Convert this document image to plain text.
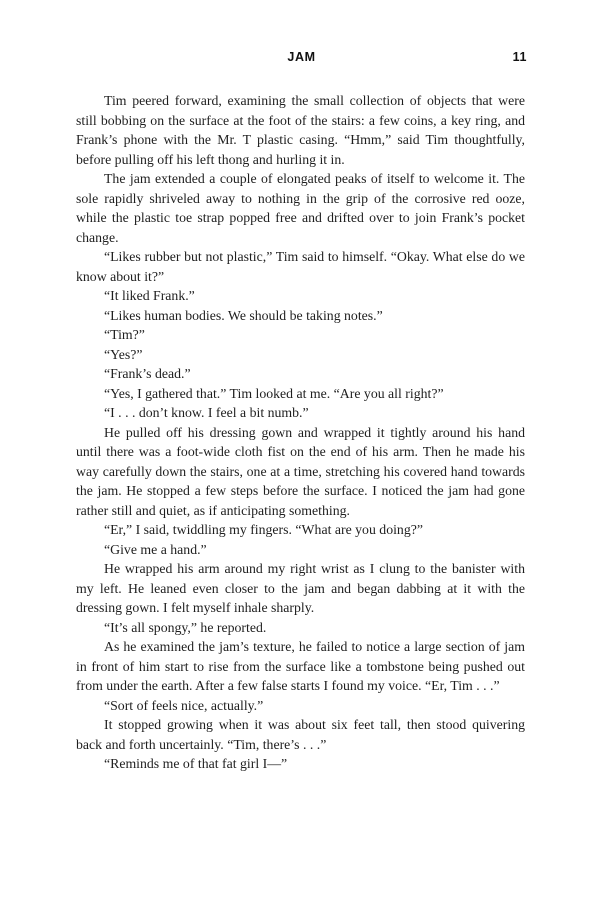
JAM	11

Tim peered forward, examining the small collection of objects that were still bobbing on the surface at the foot of the stairs: a few coins, a key ring, and Frank’s phone with the Mr. T plastic casing. “Hmm,” said Tim thoughtfully, before pulling off his left thong and hurling it in.

The jam extended a couple of elongated peaks of itself to welcome it. The sole rapidly shriveled away to nothing in the grip of the corrosive red ooze, while the plastic toe strap popped free and drifted over to join Frank’s pocket change.

“Likes rubber but not plastic,” Tim said to himself. “Okay. What else do we know about it?”

“It liked Frank.”

“Likes human bodies. We should be taking notes.”

“Tim?”

“Yes?”

“Frank’s dead.”

“Yes, I gathered that.” Tim looked at me. “Are you all right?”

“I . . . don’t know. I feel a bit numb.”

He pulled off his dressing gown and wrapped it tightly around his hand until there was a foot-wide cloth fist on the end of his arm. Then he made his way carefully down the stairs, one at a time, stretching his covered hand towards the jam. He stopped a few steps before the surface. I noticed the jam had gone rather still and quiet, as if anticipating something.

“Er,” I said, twiddling my fingers. “What are you doing?”

“Give me a hand.”

He wrapped his arm around my right wrist as I clung to the banister with my left. He leaned even closer to the jam and began dabbing at it with the dressing gown. I felt myself inhale sharply.

“It’s all spongy,” he reported.

As he examined the jam’s texture, he failed to notice a large section of jam in front of him start to rise from the surface like a tombstone being pushed out from under the earth. After a few false starts I found my voice. “Er, Tim . . .”

“Sort of feels nice, actually.”

It stopped growing when it was about six feet tall, then stood quivering back and forth uncertainly. “Tim, there’s . . .”

“Reminds me of that fat girl I—”
